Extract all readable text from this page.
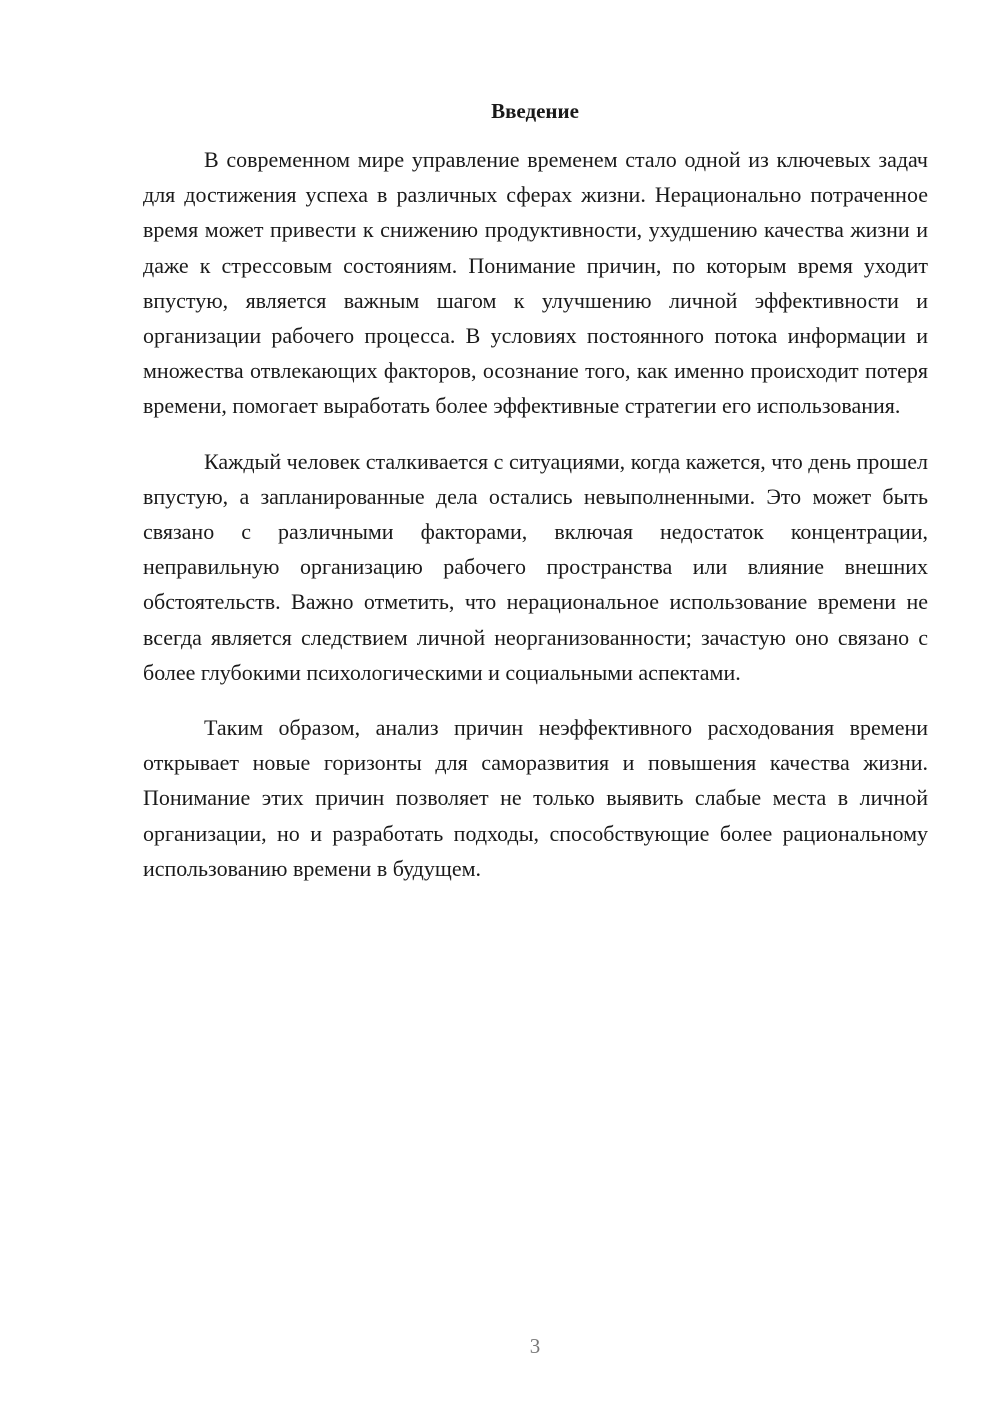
Введение

В современном мире управление временем стало одной из ключевых задач для достижения успеха в различных сферах жизни. Нерационально потраченное время может привести к снижению продуктивности, ухудшению качества жизни и даже к стрессовым состояниям. Понимание причин, по которым время уходит впустую, является важным шагом к улучшению личной эффективности и организации рабочего процесса. В условиях постоянного потока информации и множества отвлекающих факторов, осознание того, как именно происходит потеря времени, помогает выработать более эффективные стратегии его использования.

Каждый человек сталкивается с ситуациями, когда кажется, что день прошел впустую, а запланированные дела остались невыполненными. Это может быть связано с различными факторами, включая недостаток концентрации, неправильную организацию рабочего пространства или влияние внешних обстоятельств. Важно отметить, что нерациональное использование времени не всегда является следствием личной неорганизованности; зачастую оно связано с более глубокими психологическими и социальными аспектами.

Таким образом, анализ причин неэффективного расходования времени открывает новые горизонты для саморазвития и повышения качества жизни. Понимание этих причин позволяет не только выявить слабые места в личной организации, но и разработать подходы, способствующие более рациональному использованию времени в будущем.

3
